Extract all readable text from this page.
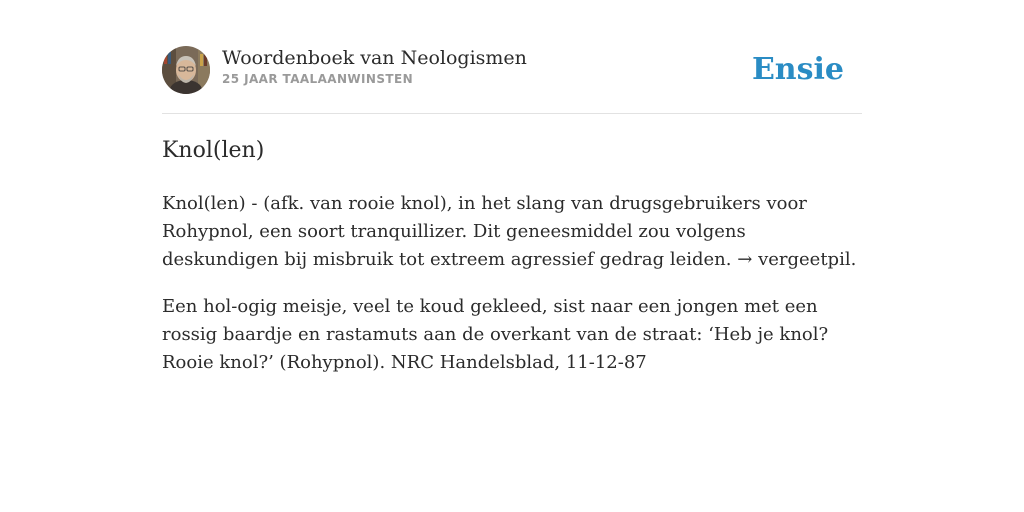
Woordenboek van Neologismen
25 JAAR TAALAANWINSTEN	Ensie
Knol(len)

Knol(len) - (afk. van rooie knol), in het slang van drugsgebruikers voor Rohypnol, een soort tranquillizer. Dit geneesmiddel zou volgens deskundigen bij misbruik tot extreem agressief gedrag leiden. → vergeetpil.

Een hol-ogig meisje, veel te koud gekleed, sist naar een jongen met een rossig baardje en rastamuts aan de overkant van de straat: ‘Heb je knol? Rooie knol?’ (Rohypnol). NRC Handelsblad, 11-12-87
